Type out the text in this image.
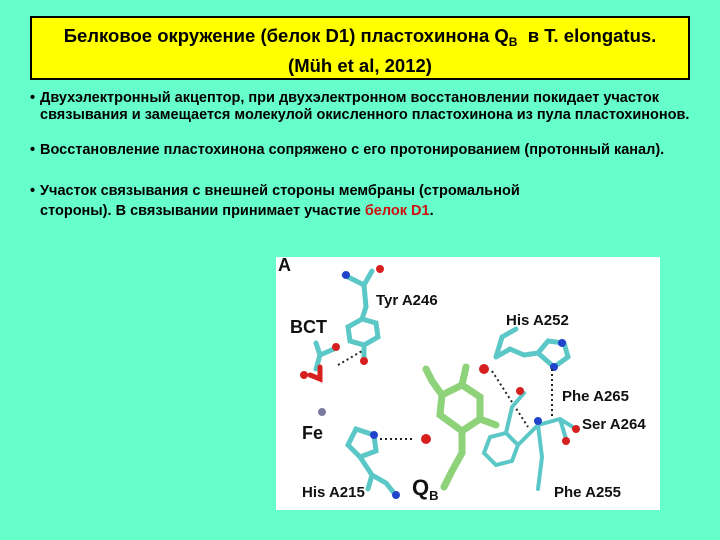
Белковое окружение (белок D1) пластохинона $Q_B$  в T. elongatus.
(Müh et al, 2012)
• Двухэлектронный акцептор, при двухэлектронном восстановлении покидает участок связывания и замещается молекулой окисленного пластохинона из пула пластохинонов.
• Восстановление пластохинона сопряжено с его протонированием (протонный канал).
• Участок связывания с внешней стороны мембраны (стромальной стороны). В связывании принимает участие белок D1.
A
Tyr A246
BCT	His A252
Phe A265
Ser A264
Fe
His A215 $Q_B$	Phe A255
